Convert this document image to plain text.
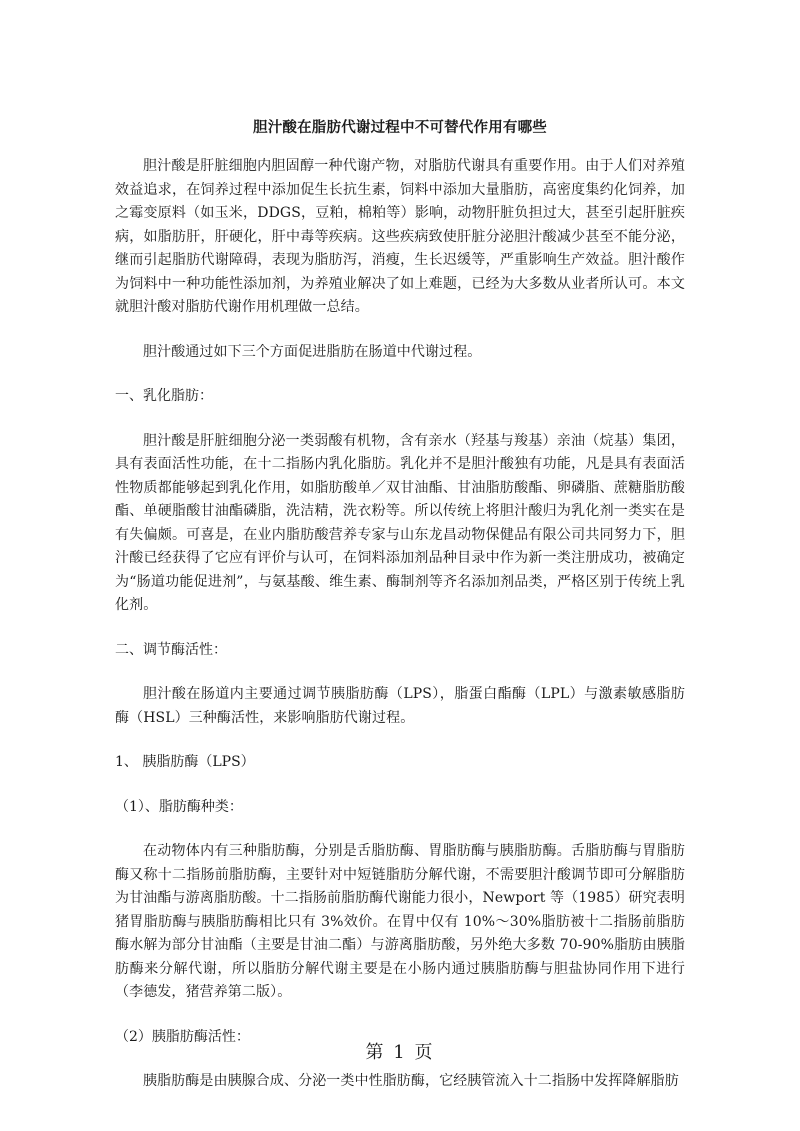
胆汁酸在脂肪代谢过程中不可替代作用有哪些

胆汁酸是肝脏细胞内胆固醇一种代谢产物，对脂肪代谢具有重要作用。由于人们对养殖效益追求，在饲养过程中添加促生长抗生素，饲料中添加大量脂肪，高密度集约化饲养，加之霉变原料（如玉米，DDGS，豆粕，棉粕等）影响，动物肝脏负担过大，甚至引起肝脏疾病，如脂肪肝，肝硬化，肝中毒等疾病。这些疾病致使肝脏分泌胆汁酸减少甚至不能分泌，继而引起脂肪代谢障碍，表现为脂肪泻，消瘦，生长迟缓等，严重影响生产效益。胆汁酸作为饲料中一种功能性添加剂，为养殖业解决了如上难题，已经为大多数从业者所认可。本文就胆汁酸对脂肪代谢作用机理做一总结。

胆汁酸通过如下三个方面促进脂肪在肠道中代谢过程。

一、乳化脂肪：

胆汁酸是肝脏细胞分泌一类弱酸有机物，含有亲水（羟基与羧基）亲油（烷基）集团，具有表面活性功能，在十二指肠内乳化脂肪。乳化并不是胆汁酸独有功能，凡是具有表面活性物质都能够起到乳化作用，如脂肪酸单／双甘油酯、甘油脂肪酸酯、卵磷脂、蔗糖脂肪酸酯、单硬脂酸甘油酯磷脂，洗洁精，洗衣粉等。所以传统上将胆汁酸归为乳化剂一类实在是有失偏颇。可喜是，在业内脂肪酸营养专家与山东龙昌动物保健品有限公司共同努力下，胆汁酸已经获得了它应有评价与认可，在饲料添加剂品种目录中作为新一类注册成功，被确定为“肠道功能促进剂”，与氨基酸、维生素、酶制剂等齐名添加剂品类，严格区别于传统上乳化剂。

二、调节酶活性：

胆汁酸在肠道内主要通过调节胰脂肪酶（LPS），脂蛋白酯酶（LPL）与激素敏感脂肪酶（HSL）三种酶活性，来影响脂肪代谢过程。

1、 胰脂肪酶（LPS）

（1）、脂肪酶种类：

在动物体内有三种脂肪酶，分别是舌脂肪酶、胃脂肪酶与胰脂肪酶。舌脂肪酶与胃脂肪酶又称十二指肠前脂肪酶，主要针对中短链脂肪分解代谢，不需要胆汁酸调节即可分解脂肪为甘油酯与游离脂肪酸。十二指肠前脂肪酶代谢能力很小，Newport 等（1985）研究表明猪胃脂肪酶与胰脂肪酶相比只有 3%效价。在胃中仅有 10%～30%脂肪被十二指肠前脂肪酶水解为部分甘油酯（主要是甘油二酯）与游离脂肪酸，另外绝大多数 70-90%脂肪由胰脂肪酶来分解代谢，所以脂肪分解代谢主要是在小肠内通过胰脂肪酶与胆盐协同作用下进行（李德发，猪营养第二版）。

（2）胰脂肪酶活性：

胰脂肪酶是由胰腺合成、分泌一类中性脂肪酶，它经胰管流入十二指肠中发挥降解脂肪

第 1 页
